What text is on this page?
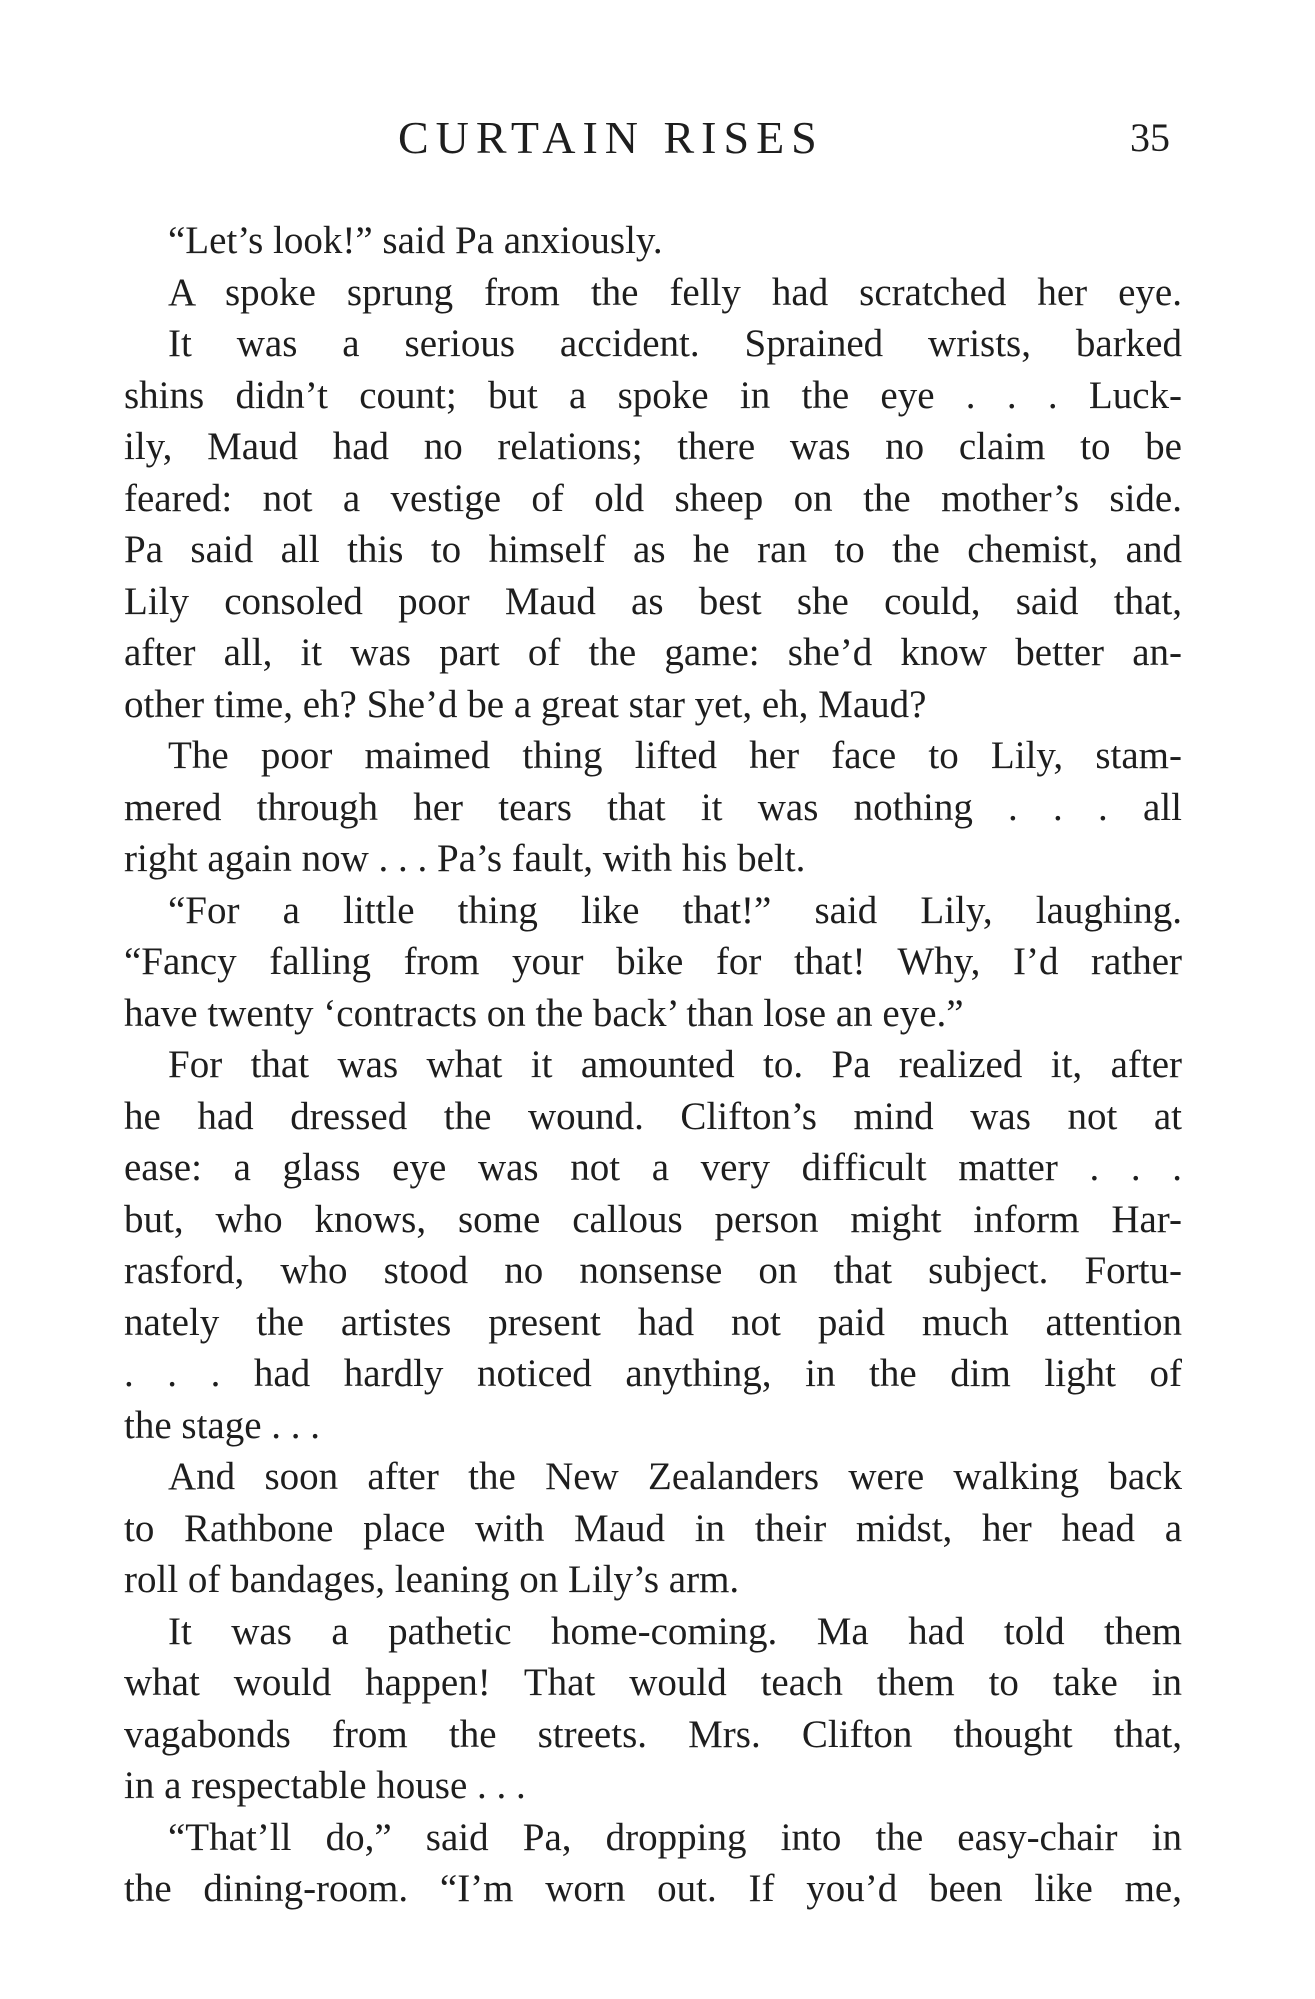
CURTAIN RISES	35
“Let’s look!” said Pa anxiously.
A spoke sprung from the felly had scratched her eye.
It was a serious accident. Sprained wrists, barked
shins didn’t count; but a spoke in the eye . . . Luck-
ily, Maud had no relations; there was no claim to be
feared: not a vestige of old sheep on the mother’s side.
Pa said all this to himself as he ran to the chemist, and
Lily consoled poor Maud as best she could, said that,
after all, it was part of the game: she’d know better an-
other time, eh? She’d be a great star yet, eh, Maud?
The poor maimed thing lifted her face to Lily, stam-
mered through her tears that it was nothing . . . all
right again now . . . Pa’s fault, with his belt.
“For a little thing like that!” said Lily, laughing.
“Fancy falling from your bike for that! Why, I’d rather
have twenty ‘contracts on the back’ than lose an eye.”
For that was what it amounted to. Pa realized it, after
he had dressed the wound. Clifton’s mind was not at
ease: a glass eye was not a very difficult matter . . .
but, who knows, some callous person might inform Har-
rasford, who stood no nonsense on that subject. Fortu-
nately the artistes present had not paid much attention
. . . had hardly noticed anything, in the dim light of
the stage . . .
And soon after the New Zealanders were walking back
to Rathbone place with Maud in their midst, her head a
roll of bandages, leaning on Lily’s arm.
It was a pathetic home-coming. Ma had told them
what would happen! That would teach them to take in
vagabonds from the streets. Mrs. Clifton thought that,
in a respectable house . . .
“That’ll do,” said Pa, dropping into the easy-chair in
the dining-room. “I’m worn out. If you’d been like me,
